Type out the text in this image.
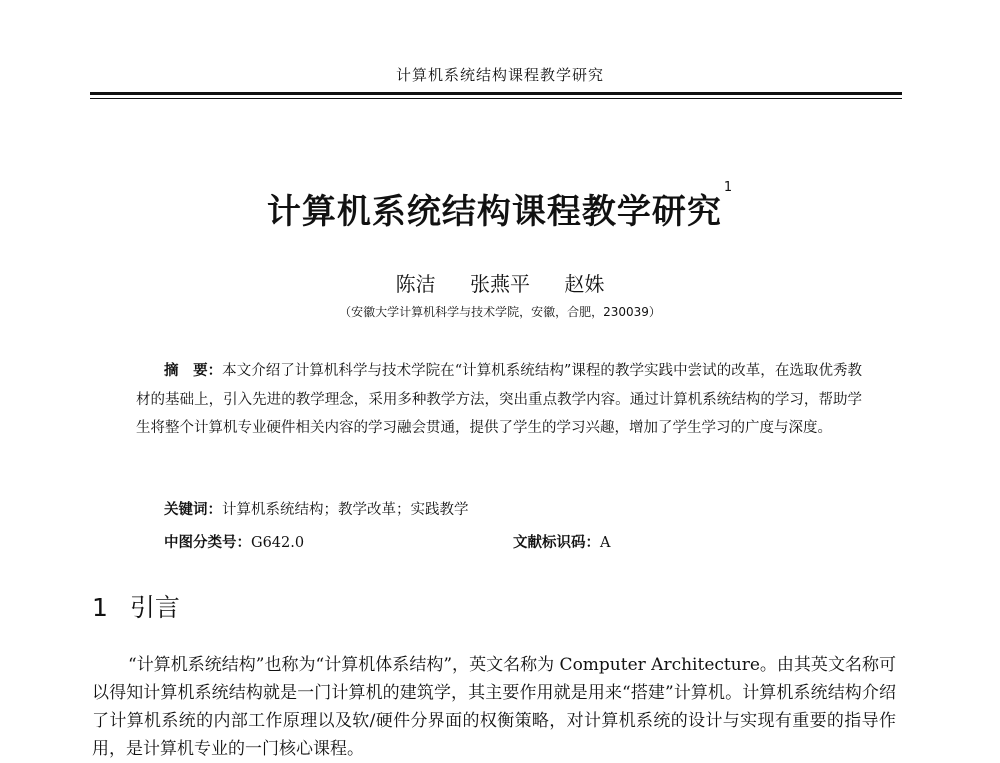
计算机系统结构课程教学研究
计算机系统结构课程教学研究$^1$
陈洁 张燕平 赵姝
（安徽大学计算机科学与技术学院，安徽，合肥，230039）
摘　要：本文介绍了计算机科学与技术学院在“计算机系统结构”课程的教学实践中尝试的改革，在选取优秀教材的基础上，引入先进的教学理念，采用多种教学方法，突出重点教学内容。通过计算机系统结构的学习，帮助学生将整个计算机专业硬件相关内容的学习融会贯通，提供了学生的学习兴趣，增加了学生学习的广度与深度。
关键词：计算机系统结构；教学改革；实践教学
中图分类号：G642.0	文献标识码：A
1 引言
“计算机系统结构”也称为“计算机体系结构”，英文名称为 Computer Architecture。由其英文名称可以得知计算机系统结构就是一门计算机的建筑学，其主要作用就是用来“搭建”计算机。计算机系统结构介绍了计算机系统的内部工作原理以及软/硬件分界面的权衡策略，对计算机系统的设计与实现有重要的指导作用，是计算机专业的一门核心课程。
